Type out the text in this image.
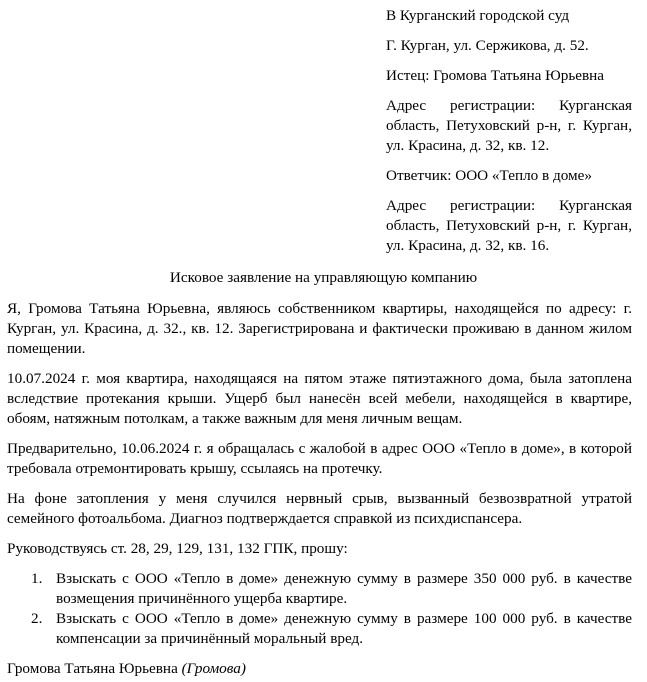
В Курганский городской суд

Г. Курган, ул. Сержикова, д. 52.

Истец: Громова Татьяна Юрьевна

Адрес регистрации: Курганская область, Петуховский р-н, г. Курган, ул. Красина, д. 32, кв. 12.

Ответчик: ООО «Тепло в доме»

Адрес регистрации: Курганская область, Петуховский р-н, г. Курган, ул. Красина, д. 32, кв. 16.

Исковое заявление на управляющую компанию

Я, Громова Татьяна Юрьевна, являюсь собственником квартиры, находящейся по адресу: г. Курган, ул. Красина, д. 32., кв. 12. Зарегистрирована и фактически проживаю в данном жилом помещении.

10.07.2024 г. моя квартира, находящаяся на пятом этаже пятиэтажного дома, была затоплена вследствие протекания крыши. Ущерб был нанесён всей мебели, находящейся в квартире, обоям, натяжным потолкам, а также важным для меня личным вещам.

Предварительно, 10.06.2024 г. я обращалась с жалобой в адрес ООО «Тепло в доме», в которой требовала отремонтировать крышу, ссылаясь на протечку.

На фоне затопления у меня случился нервный срыв, вызванный безвозвратной утратой семейного фотоальбома. Диагноз подтверждается справкой из психдиспансера.

Руководствуясь ст. 28, 29, 129, 131, 132 ГПК, прошу:

1. Взыскать с ООО «Тепло в доме» денежную сумму в размере 350 000 руб. в качестве возмещения причинённого ущерба квартире.
2. Взыскать с ООО «Тепло в доме» денежную сумму в размере 100 000 руб. в качестве компенсации за причинённый моральный вред.

Громова Татьяна Юрьевна (Громова)
